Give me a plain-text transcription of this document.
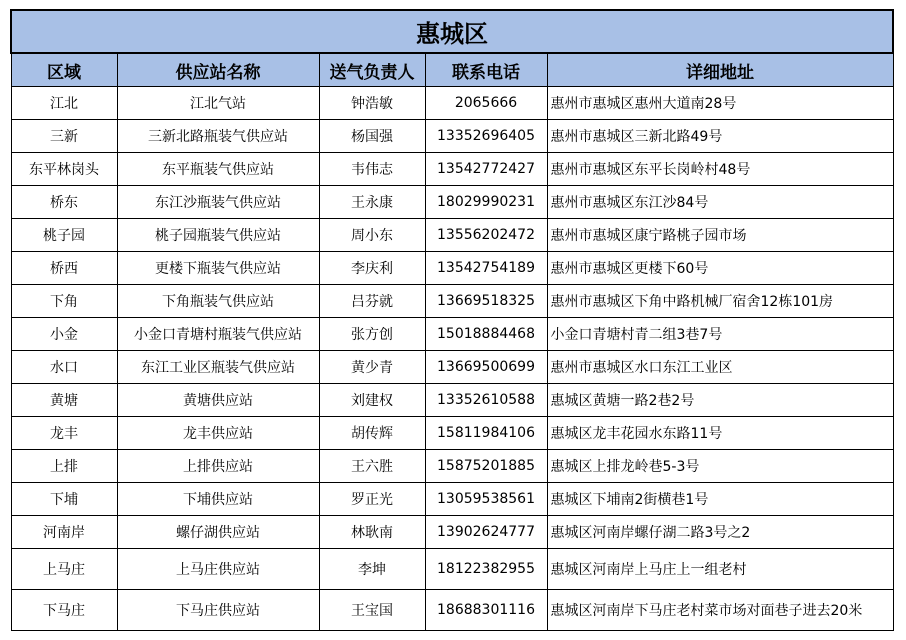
惠城区				
区域	供应站名称	送气负责人	联系电话	详细地址
江北	江北气站	钟浩敏	2065666	惠州市惠城区惠州大道南28号
三新	三新北路瓶装气供应站	杨国强	13352696405	惠州市惠城区三新北路49号
东平林岗头	东平瓶装气供应站	韦伟志	13542772427	惠州市惠城区东平长岗岭村48号
桥东	东江沙瓶装气供应站	王永康	18029990231	惠州市惠城区东江沙84号
桃子园	桃子园瓶装气供应站	周小东	13556202472	惠州市惠城区康宁路桃子园市场
桥西	更楼下瓶装气供应站	李庆利	13542754189	惠州市惠城区更楼下60号
下角	下角瓶装气供应站	吕芬就	13669518325	惠州市惠城区下角中路机械厂宿舍12栋101房
小金	小金口青塘村瓶装气供应站	张方创	15018884468	小金口青塘村青二组3巷7号
水口	东江工业区瓶装气供应站	黄少青	13669500699	惠州市惠城区水口东江工业区
黄塘	黄塘供应站	刘建权	13352610588	惠城区黄塘一路2巷2号
龙丰	龙丰供应站	胡传辉	15811984106	惠城区龙丰花园水东路11号
上排	上排供应站	王六胜	15875201885	惠城区上排龙岭巷5-3号
下埔	下埔供应站	罗正光	13059538561	惠城区下埔南2街横巷1号
河南岸	螺仔湖供应站	林耿南	13902624777	惠城区河南岸螺仔湖二路3号之2
上马庄	上马庄供应站	李坤	18122382955	惠城区河南岸上马庄上一组老村
下马庄	下马庄供应站	王宝国	18688301116	惠城区河南岸下马庄老村菜市场对面巷子进去20米
